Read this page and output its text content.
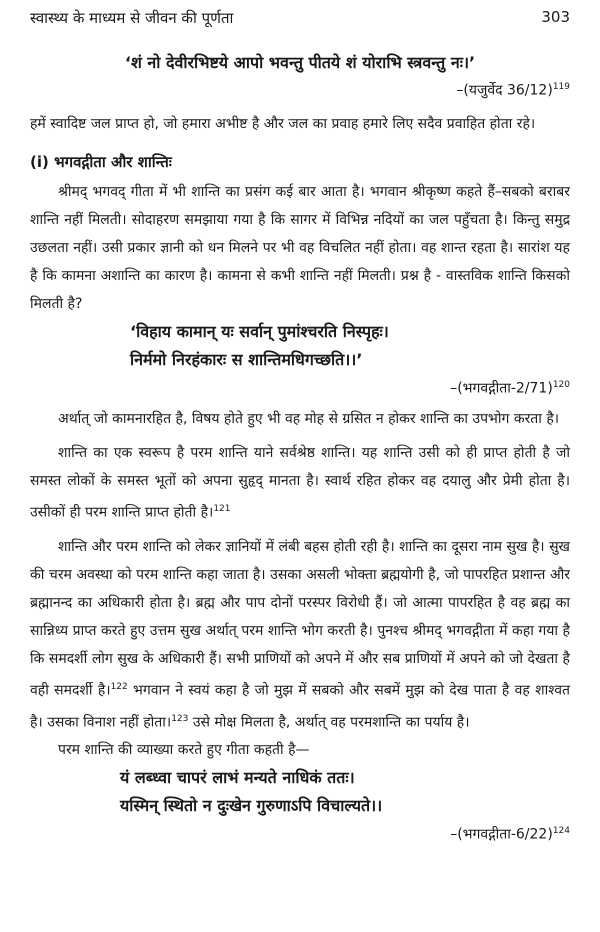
स्वास्थ्य के माध्यम से जीवन की पूर्णता	303

‘शं नो देवीरभिष्टये आपो भवन्तु पीतये शं योराभि स्त्रवन्तु नः।’

–(यजुर्वेद 36/12)$^{119}$

हमें स्वादिष्ट जल प्राप्त हो, जो हमारा अभीष्ट है और जल का प्रवाह हमारे लिए सदैव प्रवाहित होता रहे।

(i) भगवद्गीता और शान्तिः

श्रीमद् भगवद् गीता में भी शान्ति का प्रसंग कई बार आता है। भगवान श्रीकृष्ण कहते हैं–सबको बराबर शान्ति नहीं मिलती। सोदाहरण समझाया गया है कि सागर में विभिन्न नदियों का जल पहुँचता है। किन्तु समुद्र उछलता नहीं। उसी प्रकार ज्ञानी को धन मिलने पर भी वह विचलित नहीं होता। वह शान्त रहता है। सारांश यह है कि कामना अशान्ति का कारण है। कामना से कभी शान्ति नहीं मिलती। प्रश्न है - वास्तविक शान्ति किसको मिलती है?

‘विहाय कामान् यः सर्वान् पुमांश्चरति निस्पृहः।

निर्ममो निरहंकारः स शान्तिमधिगच्छति।।’

–(भगवद्गीता-2/71)$^{120}$

अर्थात् जो कामनारहित है, विषय होते हुए भी वह मोह से ग्रसित न होकर शान्ति का उपभोग करता है।

शान्ति का एक स्वरूप है परम शान्ति याने सर्वश्रेष्ठ शान्ति। यह शान्ति उसी को ही प्राप्त होती है जो समस्त लोकों के समस्त भूतों को अपना सुहृद् मानता है। स्वार्थ रहित होकर वह दयालु और प्रेमी होता है। उसीकों ही परम शान्ति प्राप्त होती है।$^{121}$

शान्ति और परम शान्ति को लेकर ज्ञानियों में लंबी बहस होती रही है। शान्ति का दूसरा नाम सुख है। सुख की चरम अवस्था को परम शान्ति कहा जाता है। उसका असली भोक्ता ब्रह्मयोगी है, जो पापरहित प्रशान्त और ब्रह्मानन्द का अधिकारी होता है। ब्रह्म और पाप दोनों परस्पर विरोधी हैं। जो आत्मा पापरहित है वह ब्रह्म का सान्निध्य प्राप्त करते हुए उत्तम सुख अर्थात् परम शान्ति भोग करती है। पुनश्च श्रीमद् भगवद्गीता में कहा गया है कि समदर्शी लोग सुख के अधिकारी हैं। सभी प्राणियों को अपने में और सब प्राणियों में अपने को जो देखता है वही समदर्शी है।$^{122}$ भगवान ने स्वयं कहा है जो मुझ में सबको और सबमें मुझ को देख पाता है वह शाश्वत है। उसका विनाश नहीं होता।$^{123}$ उसे मोक्ष मिलता है, अर्थात् वह परमशान्ति का पर्याय है।

परम शान्ति की व्याख्या करते हुए गीता कहती है—

यं लब्ध्वा चापरं लाभं मन्यते नाधिकं ततः।

यस्मिन् स्थितो न दुःखेन गुरुणाऽपि विचाल्यते।।

–(भगवद्गीता-6/22)$^{124}$
